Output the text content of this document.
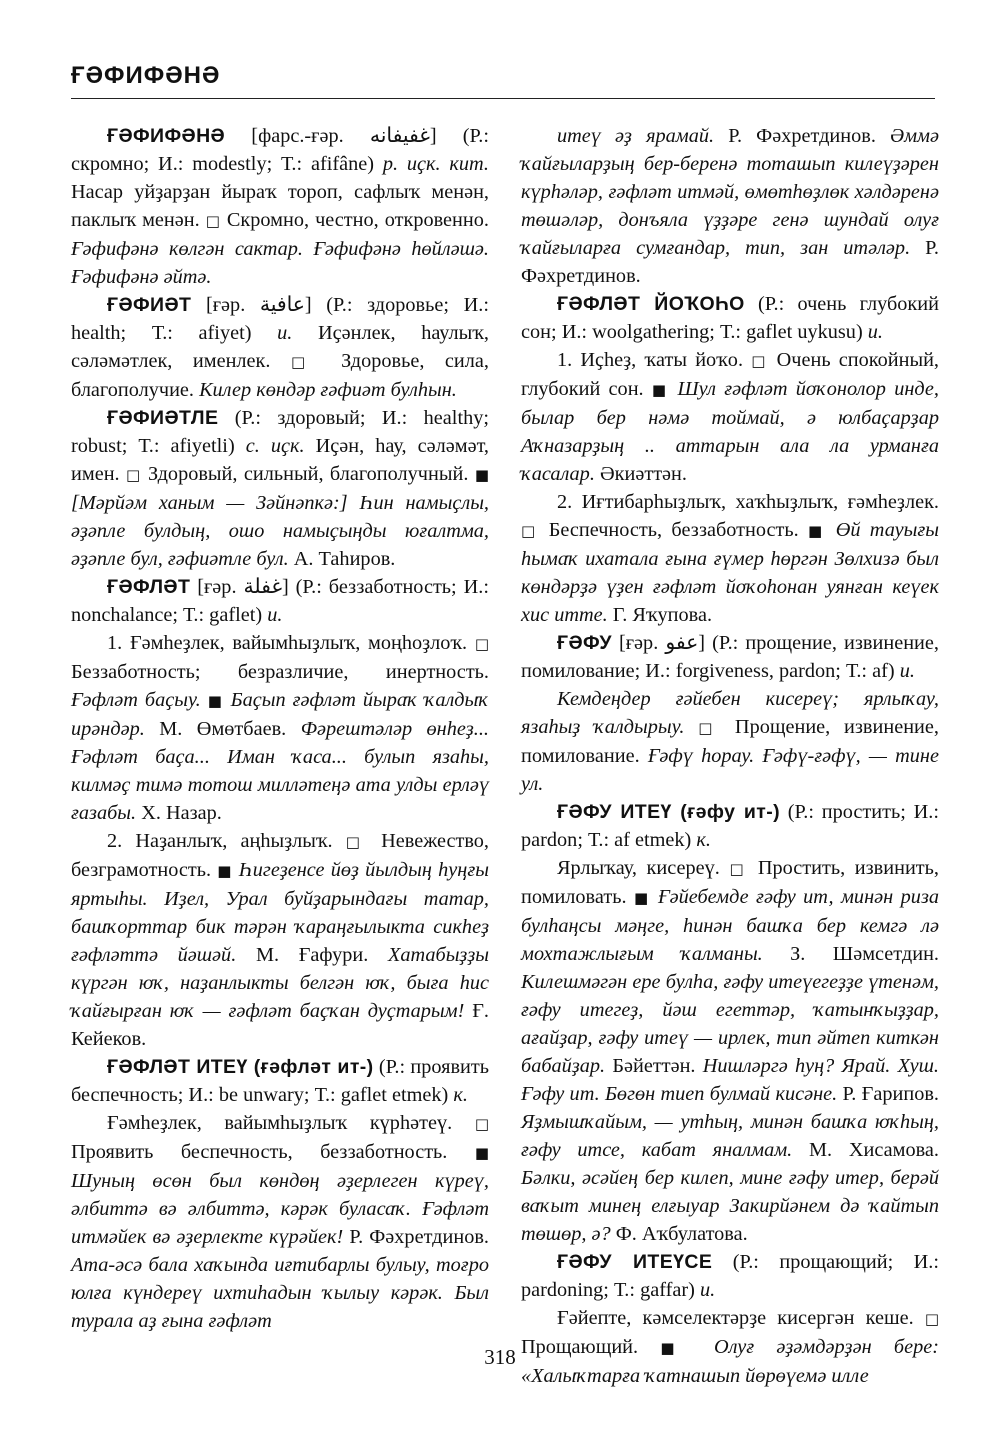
ҒӘФИФӘНӘ

ҒӘФИФӘНӘ [фарс.-ғәр. غفیفانه] (Р.: скромно; И.: modestly; Т.: afifâne) р. иҫк. кит. Насар уйҙарҙан йыраҡ тороп, сафлыҡ менән, паклыҡ менән. □ Скромно, честно, откровенно. Ғәфифәнә көлгән сактар. Ғәфифәнә һөйләшә. Ғәфифәнә әйтә.

ҒӘФИӘТ [ғәр. عافية] (Р.: здоровье; И.: health; Т.: afiyet) и. Иҫәнлек, һаулыҡ, сәләмәтлек, именлек. □ Здоровье, сила, благополучие. Килер көндәр ғәфиәт булһын.

ҒӘФИӘТЛЕ (Р.: здоровый; И.: healthy; robust; Т.: afiyetli) с. иҫк. Иҫән, һау, сәләмәт, имен. □ Здоровый, сильный, благополучный. ■ [Мәрйәм ханым — Зәйнәпкә:] Һин намыҫлы, әҙәпле булдың, ошо намыҫыңды юғалтма, әҙәпле бул, ғәфиәтле бул. А. Таһиров.

ҒӘФЛӘТ [ғәр. غفلة] (Р.: беззаботность; И.: nonchalance; Т.: gaflet) и.

1. Ғәмһеҙлек, вайымһыҙлыҡ, моңһоҙлоҡ. □ Беззаботность; безразличие, инертность. Ғәфләт баҫыу. ■ Баҫып ғәфләт йыраҡ ҡалдыҡ ирәндәр. М. Өмөтбаев. Фәрештәләр өнһеҙ... Ғәфләт баҫа... Иман ҡаса... булып язаһы, килмәҫ тимә тотош милләтеңә ата улды ерләү ғазабы. Х. Назар.

2. Наҙанлыҡ, аңһыҙлыҡ. □ Невежество, безграмотность. ■ Һигеҙенсе йөҙ йылдың һуңғы яртыһы. Иҙел, Урал буйҙарындағы татар, башҡорттар бик тәрән ҡараңғылыкта сикһеҙ ғәфләттә йәшәй. М. Ғафури. Хатабыҙҙы күргән юҡ, наҙанлыкты белгән юҡ, быға һис ҡайғырған юҡ — ғәфләт баҫҡан дуҫтарым! Ғ. Кейеков.

ҒӘФЛӘТ ИТЕҮ (ғәфләт ит-) (Р.: проявить беспечность; И.: be unwary; Т.: gaflet etmek) к.

Ғәмһеҙлек, вайымһыҙлыҡ күрһәтеү. □ Проявить беспечность, беззаботность. ■ Шуның өсөн был көндөң әҙерлеген күреү, әлбиттә вә әлбиттә, кәрәк буласаҡ. Ғәфләт итмәйек вә әҙерлекте күрәйек! Р. Фәхретдинов. Ата-әсә бала хаҡында иғтибарлы булыу, тоғро юлға күндереү ихтиһадын ҡылыу кәрәк. Был турала аҙ ғына ғәфләт

итеү әҙ ярамай. Р. Фәхретдинов. Әммә ҡайғыларҙың бер-беренә тоташып килеүҙәрен күрһәләр, ғәфләт итмәй, өмөтһөҙлөк хәлдәренә төшәләр, донъяла үҙҙәре генә шундай олуғ ҡайғыларға сумғандар, тип, зан итәләр. Р. Фәхретдинов.

ҒӘФЛӘТ ЙОҠОҺО (Р.: очень глубокий сон; И.: woolgathering; Т.: gaflet uykusu) и.

1. Иҫһеҙ, ҡаты йоҡо. □ Очень спокойный, глубокий сон. ■ Шул ғәфләт йоҡонолор инде, былар бер нәмә тоймай, ә юлбаҫарҙар Аҡназарҙың .. аттарын ала ла урманға ҡасалар. Әкиәттән.

2. Иғтибарһыҙлыҡ, хаҡһыҙлыҡ, ғәмһеҙлек. □ Беспечность, беззаботность. ■ Өй тауығы һымаҡ ихатала ғына ғүмер һөргән Зөлхизә был көндәрҙә үҙен ғәфләт йоҡоһонан уянған кеүек хис итте. Г. Яҡупова.

ҒӘФУ [ғәр. عفو] (Р.: прощение, извинение, помилование; И.: forgiveness, pardon; Т.: af) и.

Кемдеңдер ғәйебен кисереү; ярлыҡау, язаһыҙ ҡалдырыу. □ Прощение, извинение, помилование. Ғәфү һорау. Ғәфү-ғәфү, — тине ул.

ҒӘФУ ИТЕҮ (ғәфу ит-) (Р.: простить; И.: pardon; Т.: af etmek) к.

Ярлыҡау, кисереү. □ Простить, извинить, помиловать. ■ Ғәйебемде ғәфу ит, минән риза булһаңсы мәңге, һинән башҡа бер кемгә лә мохтажлығым ҡалманы. З. Шәмсетдин. Килешмәгән ере булһа, ғәфу итеүегеҙҙе үтенәм, ғәфу итегеҙ, йәш егеттәр, ҡатынҡыҙҙар, ағайҙар, ғәфу итеү — ирлек, тип әйтеп киткән бабайҙар. Бәйеттән. Нишләргә һуң? Ярай. Хуш. Ғәфу ит. Бөгөн тиеп булмай кисәне. Р. Ғарипов. Яҙмышҡайым, — утһың, минән башҡа юҡһың, ғәфу итсе, кабат яналмам. М. Хисамова. Бәлки, әсәйең бер килеп, мине ғәфу итер, берәй ваҡыт минең елғыуар Закирйәнем дә ҡайтып төшөр, ә? Ф. Аҡбулатова.

ҒӘФУ ИТЕҮСЕ (Р.: прощающий; И.: pardoning; Т.: gaffar) и.

Ғәйепте, кәмселектәрҙе кисергән кеше. □ Прощающий. ■ Олуғ әҙәмдәрҙән бере: «Халыҡтарға ҡатнашып йөрөүемә илле

318
